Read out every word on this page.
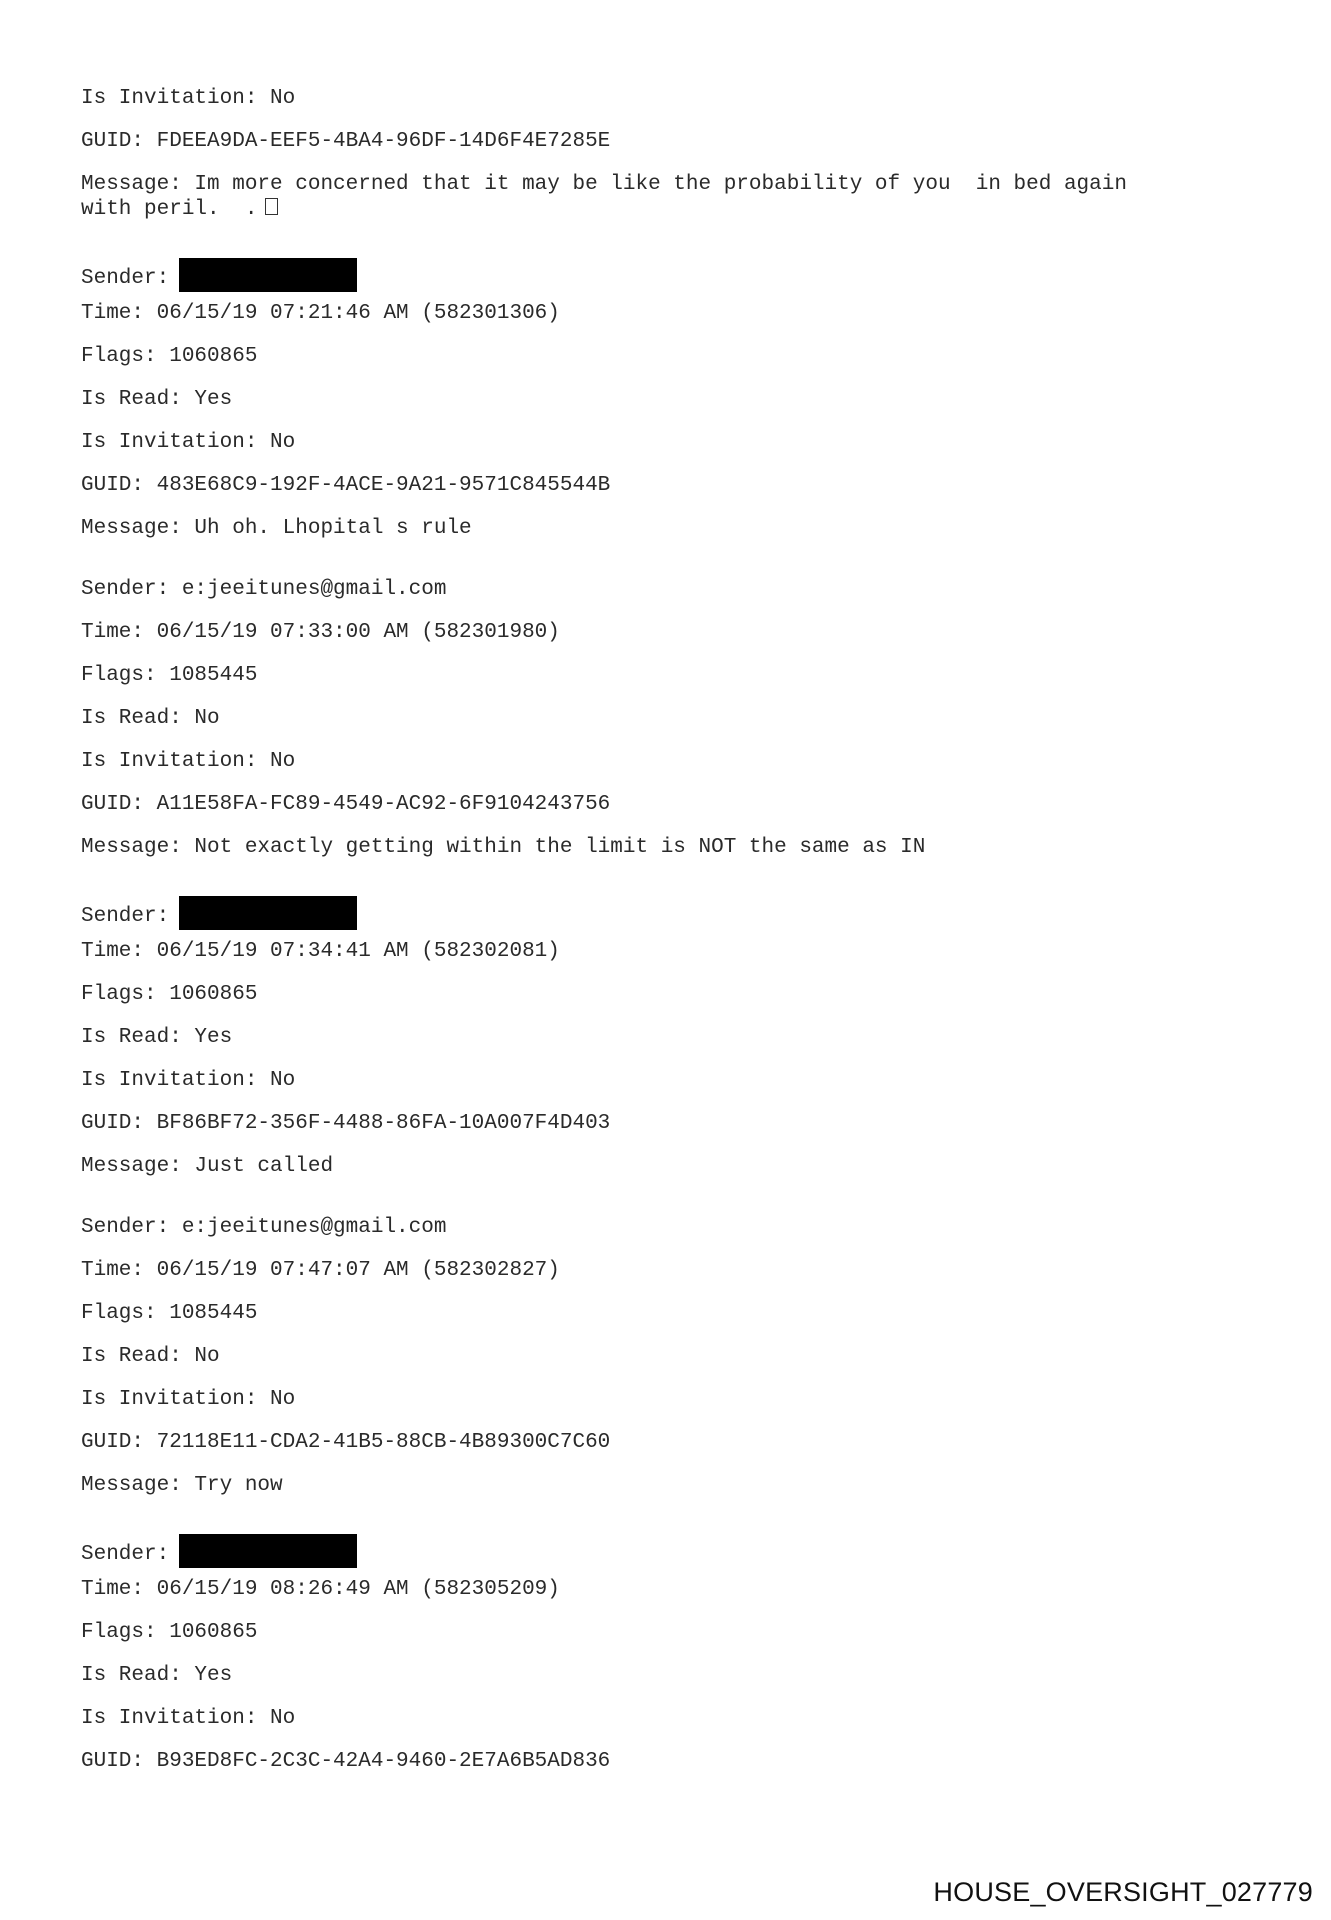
Is Invitation: No
GUID: FDEEA9DA-EEF5-4BA4-96DF-14D6F4E7285E
Message: Im more concerned that it may be like the probability of you  in bed again
with peril.  .
Sender:
Time: 06/15/19 07:21:46 AM (582301306)
Flags: 1060865
Is Read: Yes
Is Invitation: No
GUID: 483E68C9-192F-4ACE-9A21-9571C845544B
Message: Uh oh. Lhopital s rule
Sender: e:jeeitunes@gmail.com
Time: 06/15/19 07:33:00 AM (582301980)
Flags: 1085445
Is Read: No
Is Invitation: No
GUID: A11E58FA-FC89-4549-AC92-6F9104243756
Message: Not exactly getting within the limit is NOT the same as IN
Sender:
Time: 06/15/19 07:34:41 AM (582302081)
Flags: 1060865
Is Read: Yes
Is Invitation: No
GUID: BF86BF72-356F-4488-86FA-10A007F4D403
Message: Just called
Sender: e:jeeitunes@gmail.com
Time: 06/15/19 07:47:07 AM (582302827)
Flags: 1085445
Is Read: No
Is Invitation: No
GUID: 72118E11-CDA2-41B5-88CB-4B89300C7C60
Message: Try now
Sender:
Time: 06/15/19 08:26:49 AM (582305209)
Flags: 1060865
Is Read: Yes
Is Invitation: No
GUID: B93ED8FC-2C3C-42A4-9460-2E7A6B5AD836
HOUSE_OVERSIGHT_027779
